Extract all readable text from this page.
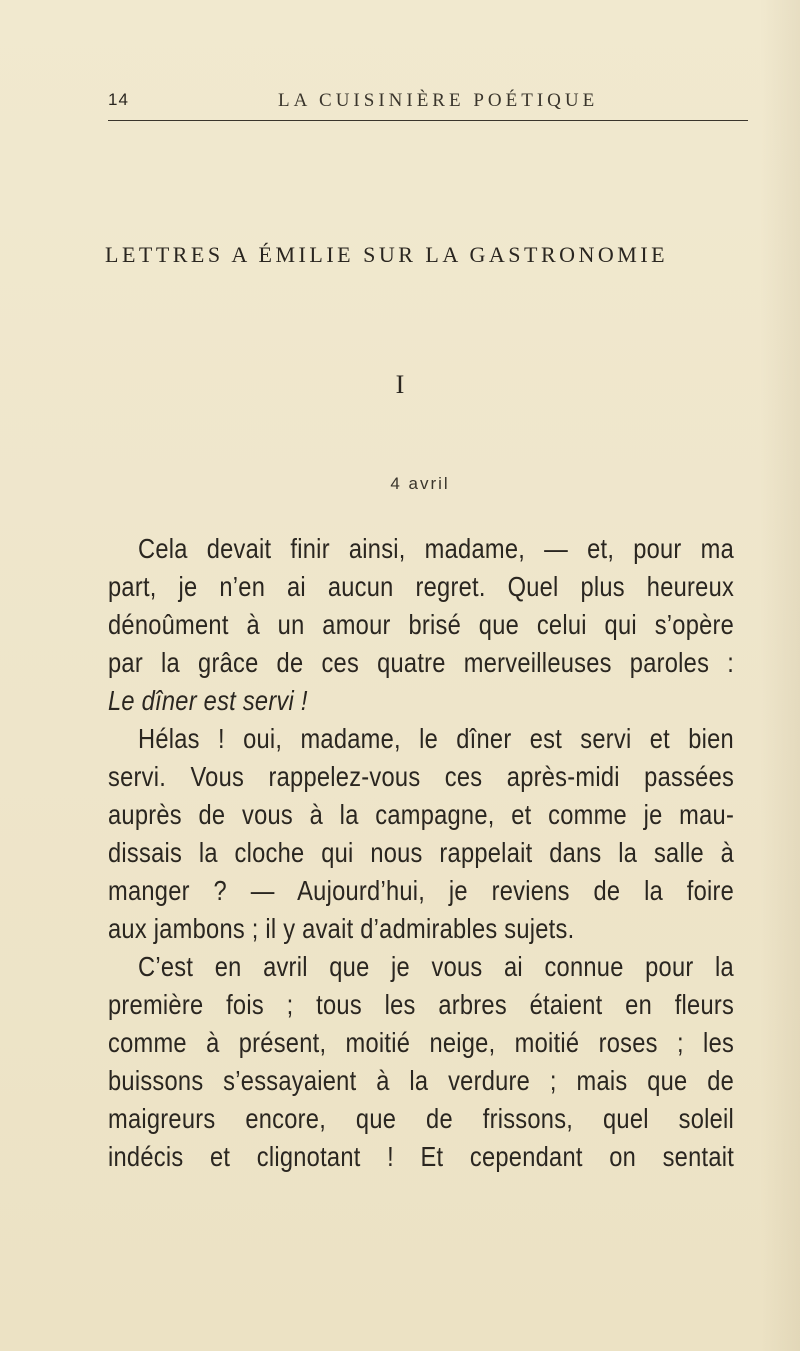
14	LA CUISINIÈRE POÉTIQUE
LETTRES A ÉMILIE SUR LA GASTRONOMIE
I
4 avril
Cela devait finir ainsi, madame, — et, pour ma
part, je n’en ai aucun regret. Quel plus heureux
dénoûment à un amour brisé que celui qui s’opère
par la grâce de ces quatre merveilleuses paroles :
Le dîner est servi !
Hélas ! oui, madame, le dîner est servi et bien
servi. Vous rappelez-vous ces après-midi passées
auprès de vous à la campagne, et comme je mau-
dissais la cloche qui nous rappelait dans la salle à
manger ? — Aujourd’hui, je reviens de la foire
aux jambons ; il y avait d’admirables sujets.
C’est en avril que je vous ai connue pour la
première fois ; tous les arbres étaient en fleurs
comme à présent, moitié neige, moitié roses ; les
buissons s’essayaient à la verdure ; mais que de
maigreurs encore, que de frissons, quel soleil
indécis et clignotant ! Et cependant on sentait
